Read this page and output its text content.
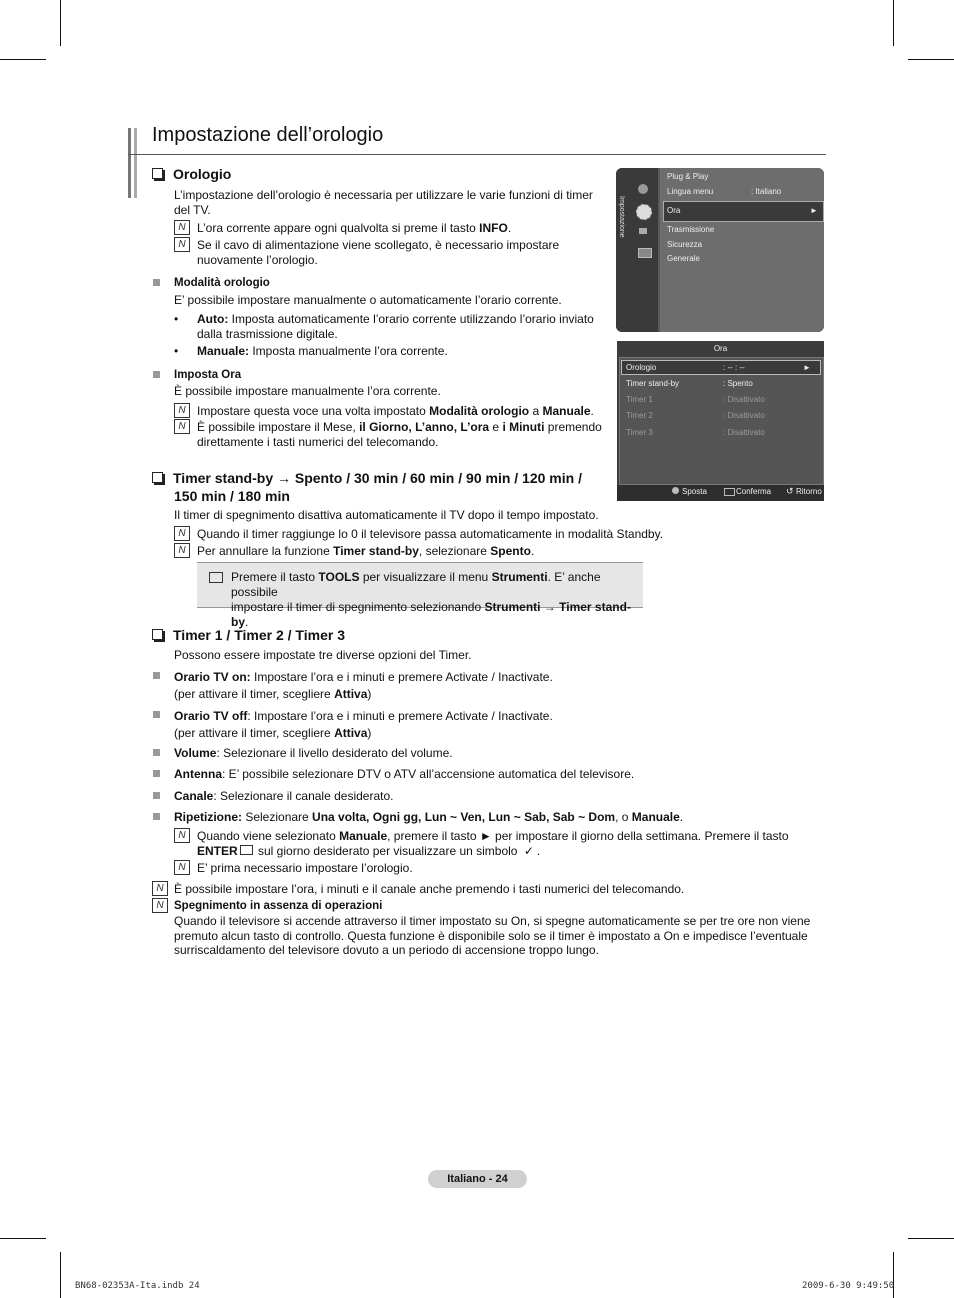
Impostazione dell’orologio
Orologio
L’impostazione dell’orologio è necessaria per utilizzare le varie funzioni di timer del TV.
N L’ora corrente appare ogni qualvolta si preme il tasto INFO.
N Se il cavo di alimentazione viene scollegato, è necessario impostare
nuovamente l’orologio.
Modalità orologio
E’ possibile impostare manualmente o automaticamente l’orario corrente.
• Auto: Imposta automaticamente l’orario corrente utilizzando l’orario inviato
dalla trasmissione digitale.
• Manuale: Imposta manualmente l’ora corrente.
Imposta Ora
È possibile impostare manualmente l’ora corrente.
N Impostare questa voce una volta impostato Modalità orologio a Manuale.
N È possibile impostare il Mese, il Giorno, L’anno, L’ora e i Minuti premendo
direttamente i tasti numerici del telecomando.
Impostazione
Plug & Play
Lingua menu	: Italiano
Ora	►
Trasmissione
Sicurezza
Generale
Ora
Orologio	: -- : --	►
Timer stand-by	: Spento
Timer 1	: Disattivato
Timer 2	: Disattivato
Timer 3	: Disattivato
Sposta	Conferma ↺ Ritorno
Timer stand-by → Spento / 30 min / 60 min / 90 min / 120 min /
150 min / 180 min
Il timer di spegnimento disattiva automaticamente il TV dopo il tempo impostato.
N Quando il timer raggiunge lo 0 il televisore passa automaticamente in modalità Standby.
N Per annullare la funzione Timer stand-by, selezionare Spento.
Premere il tasto TOOLS per visualizzare il menu Strumenti. E’ anche possibile
impostare il timer di spegnimento selezionando Strumenti → Timer stand-by.
Timer 1 / Timer 2 / Timer 3
Possono essere impostate tre diverse opzioni del Timer.
Orario TV on: Impostare l’ora e i minuti e premere Activate / Inactivate.
(per attivare il timer, scegliere Attiva)
Orario TV off: Impostare l’ora e i minuti e premere Activate / Inactivate.
(per attivare il timer, scegliere Attiva)
Volume: Selezionare il livello desiderato del volume.
Antenna: E’ possibile selezionare DTV o ATV all’accensione automatica del televisore.
Canale: Selezionare il canale desiderato.
Ripetizione: Selezionare Una volta, Ogni gg, Lun ~ Ven, Lun ~ Sab, Sab ~ Dom, o Manuale.
N Quando viene selezionato Manuale, premere il tasto ► per impostare il giorno della settimana. Premere il tasto
ENTER sul giorno desiderato per visualizzare un simbolo ✓ .
N E’ prima necessario impostare l’orologio.
N È possibile impostare l’ora, i minuti e il canale anche premendo i tasti numerici del telecomando.
N Spegnimento in assenza di operazioni
Quando il televisore si accende attraverso il timer impostato su On, si spegne automaticamente se per tre ore non viene
premuto alcun tasto di controllo. Questa funzione è disponibile solo se il timer è impostato a On e impedisce l’eventuale
surriscaldamento del televisore dovuto a un periodo di accensione troppo lungo.
Italiano - 24
BN68-02353A-Ita.indb 24	2009-6-30 9:49:50
